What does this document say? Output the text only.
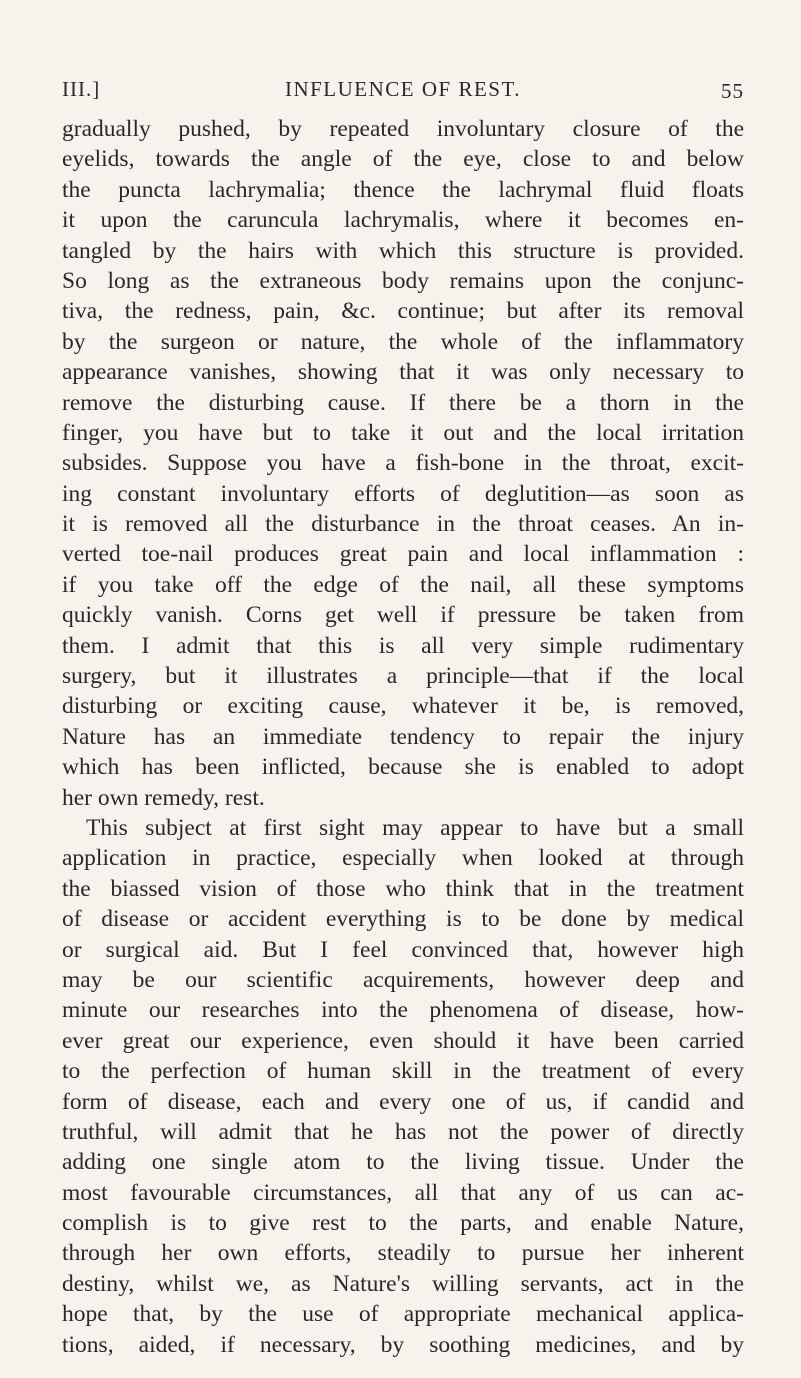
III.]	INFLUENCE OF REST.	55
gradually pushed, by repeated involuntary closure of the
eyelids, towards the angle of the eye, close to and below
the puncta lachrymalia; thence the lachrymal fluid floats
it upon the caruncula lachrymalis, where it becomes en-
tangled by the hairs with which this structure is provided.
So long as the extraneous body remains upon the conjunc-
tiva, the redness, pain, &c. continue; but after its removal
by the surgeon or nature, the whole of the inflammatory
appearance vanishes, showing that it was only necessary to
remove the disturbing cause. If there be a thorn in the
finger, you have but to take it out and the local irritation
subsides. Suppose you have a fish-bone in the throat, excit-
ing constant involuntary efforts of deglutition—as soon as
it is removed all the disturbance in the throat ceases. An in-
verted toe-nail produces great pain and local inflammation :
if you take off the edge of the nail, all these symptoms
quickly vanish. Corns get well if pressure be taken from
them. I admit that this is all very simple rudimentary
surgery, but it illustrates a principle—that if the local
disturbing or exciting cause, whatever it be, is removed,
Nature has an immediate tendency to repair the injury
which has been inflicted, because she is enabled to adopt
her own remedy, rest.
This subject at first sight may appear to have but a small
application in practice, especially when looked at through
the biassed vision of those who think that in the treatment
of disease or accident everything is to be done by medical
or surgical aid. But I feel convinced that, however high
may be our scientific acquirements, however deep and
minute our researches into the phenomena of disease, how-
ever great our experience, even should it have been carried
to the perfection of human skill in the treatment of every
form of disease, each and every one of us, if candid and
truthful, will admit that he has not the power of directly
adding one single atom to the living tissue. Under the
most favourable circumstances, all that any of us can ac-
complish is to give rest to the parts, and enable Nature,
through her own efforts, steadily to pursue her inherent
destiny, whilst we, as Nature's willing servants, act in the
hope that, by the use of appropriate mechanical applica-
tions, aided, if necessary, by soothing medicines, and by
